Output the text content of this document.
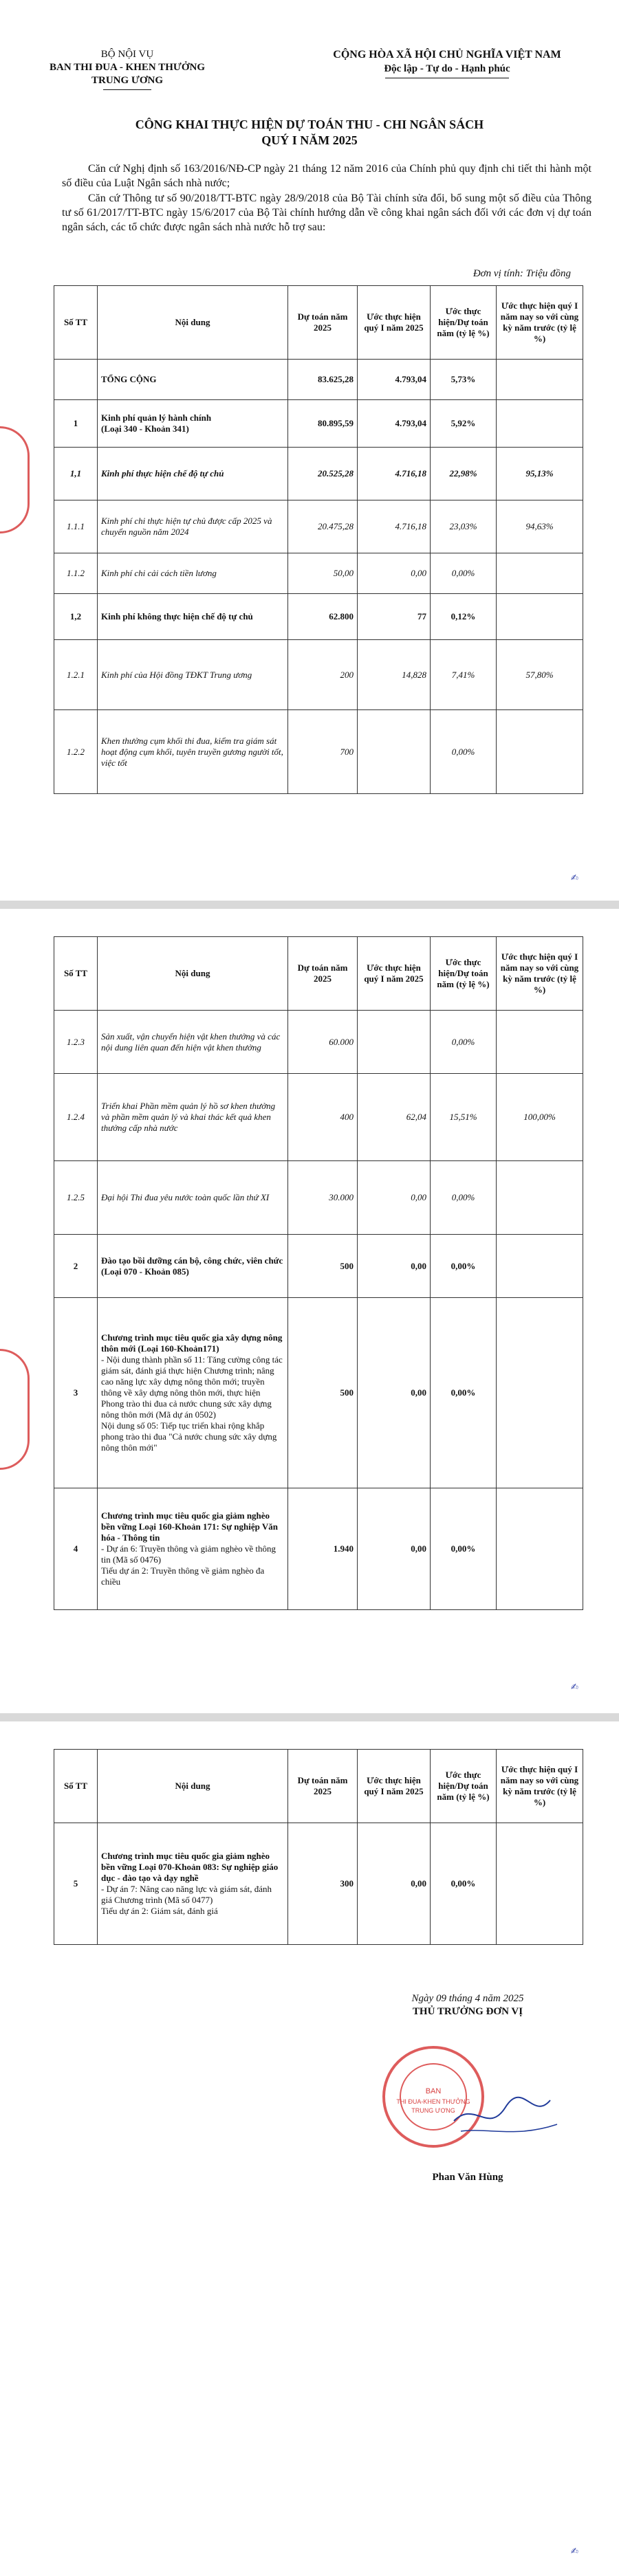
BỘ NỘI VỤ
BAN THI ĐUA - KHEN THƯỞNG
TRUNG ƯƠNG
CỘNG HÒA XÃ HỘI CHỦ NGHĨA VIỆT NAM
Độc lập - Tự do - Hạnh phúc
CÔNG KHAI THỰC HIỆN DỰ TOÁN THU - CHI NGÂN SÁCH
QUÝ I NĂM 2025
Căn cứ Nghị định số 163/2016/NĐ-CP ngày 21 tháng 12 năm 2016 của Chính phủ quy định chi tiết thi hành một số điều của Luật Ngân sách nhà nước;
Căn cứ Thông tư số 90/2018/TT-BTC ngày 28/9/2018 của Bộ Tài chính sửa đổi, bổ sung một số điều của Thông tư số 61/2017/TT-BTC ngày 15/6/2017 của Bộ Tài chính hướng dẫn về công khai ngân sách đối với các đơn vị dự toán ngân sách, các tổ chức được ngân sách nhà nước hỗ trợ sau:
Đơn vị tính: Triệu đồng
Số TT	Nội dung	Dự toán năm 2025	Ước thực hiện quý I năm 2025	Ước thực hiện/Dự toán năm (tỷ lệ %)	Ước thực hiện quý I năm nay so với cùng kỳ năm trước (tỷ lệ %)
	TỔNG CỘNG	83.625,28	4.793,04	5,73%	
1	Kinh phí quản lý hành chính
(Loại 340 - Khoản 341)	80.895,59	4.793,04	5,92%	
1,1	Kinh phí thực hiện chế độ tự chủ	20.525,28	4.716,18	22,98%	95,13%
1.1.1	Kinh phí chi thực hiện tự chủ được cấp 2025 và chuyển nguồn năm 2024	20.475,28	4.716,18	23,03%	94,63%
1.1.2	Kinh phí chi cải cách tiền lương	50,00	0,00	0,00%	
1,2	Kinh phí không thực hiện chế độ tự chủ	62.800	77	0,12%	
1.2.1	Kinh phí của Hội đồng TĐKT Trung ương	200	14,828	7,41%	57,80%
1.2.2	Khen thưởng cụm khối thi đua, kiểm tra giám sát hoạt động cụm khối, tuyên truyền gương người tốt, việc tốt	700		0,00%	
✍
Số TT	Nội dung	Dự toán năm 2025	Ước thực hiện quý I năm 2025	Ước thực hiện/Dự toán năm (tỷ lệ %)	Ước thực hiện quý I năm nay so với cùng kỳ năm trước (tỷ lệ %)
1.2.3	Sản xuất, vận chuyển hiện vật khen thưởng và các nội dung liên quan đến hiện vật khen thưởng	60.000		0,00%	
1.2.4	Triển khai Phần mềm quản lý hồ sơ khen thưởng và phần mềm quản lý và khai thác kết quả khen thưởng cấp nhà nước	400	62,04	15,51%	100,00%
1.2.5	Đại hội Thi đua yêu nước toàn quốc lần thứ XI	30.000	0,00	0,00%	
2	Đào tạo bồi dưỡng cán bộ, công chức, viên chức (Loại 070 - Khoản 085)	500	0,00	0,00%	
3	Chương trình mục tiêu quốc gia xây dựng nông thôn mới (Loại 160-Khoản171)
- Nội dung thành phần số 11: Tăng cường công tác giám sát, đánh giá thực hiện Chương trình; nâng cao năng lực xây dựng nông thôn mới; truyền thông về xây dựng nông thôn mới, thực hiện Phong trào thi đua cả nước chung sức xây dựng nông thôn mới (Mã dự án 0502)
Nội dung số 05: Tiếp tục triển khai rộng khắp phong trào thi đua "Cả nước chung sức xây dựng nông thôn mới"	500	0,00	0,00%	
4	Chương trình mục tiêu quốc gia giảm nghèo bền vững Loại 160-Khoản 171: Sự nghiệp Văn hóa - Thông tin
- Dự án 6: Truyền thông và giảm nghèo về thông tin (Mã số 0476)
Tiểu dự án 2: Truyền thông về giảm nghèo đa chiều	1.940	0,00	0,00%	
✍
Số TT	Nội dung	Dự toán năm 2025	Ước thực hiện quý I năm 2025	Ước thực hiện/Dự toán năm (tỷ lệ %)	Ước thực hiện quý I năm nay so với cùng kỳ năm trước (tỷ lệ %)
5	Chương trình mục tiêu quốc gia giảm nghèo bền vững Loại 070-Khoản 083: Sự nghiệp giáo dục - đào tạo và dạy nghề
- Dự án 7: Nâng cao năng lực và giám sát, đánh giá Chương trình (Mã số 0477)
Tiểu dự án 2: Giám sát, đánh giá	300	0,00	0,00%	
Ngày 09 tháng 4 năm 2025
THỦ TRƯỞNG ĐƠN VỊ
BAN
THI ĐUA-KHEN THƯỞNG
TRUNG ƯƠNG
Phan Văn Hùng
✍
